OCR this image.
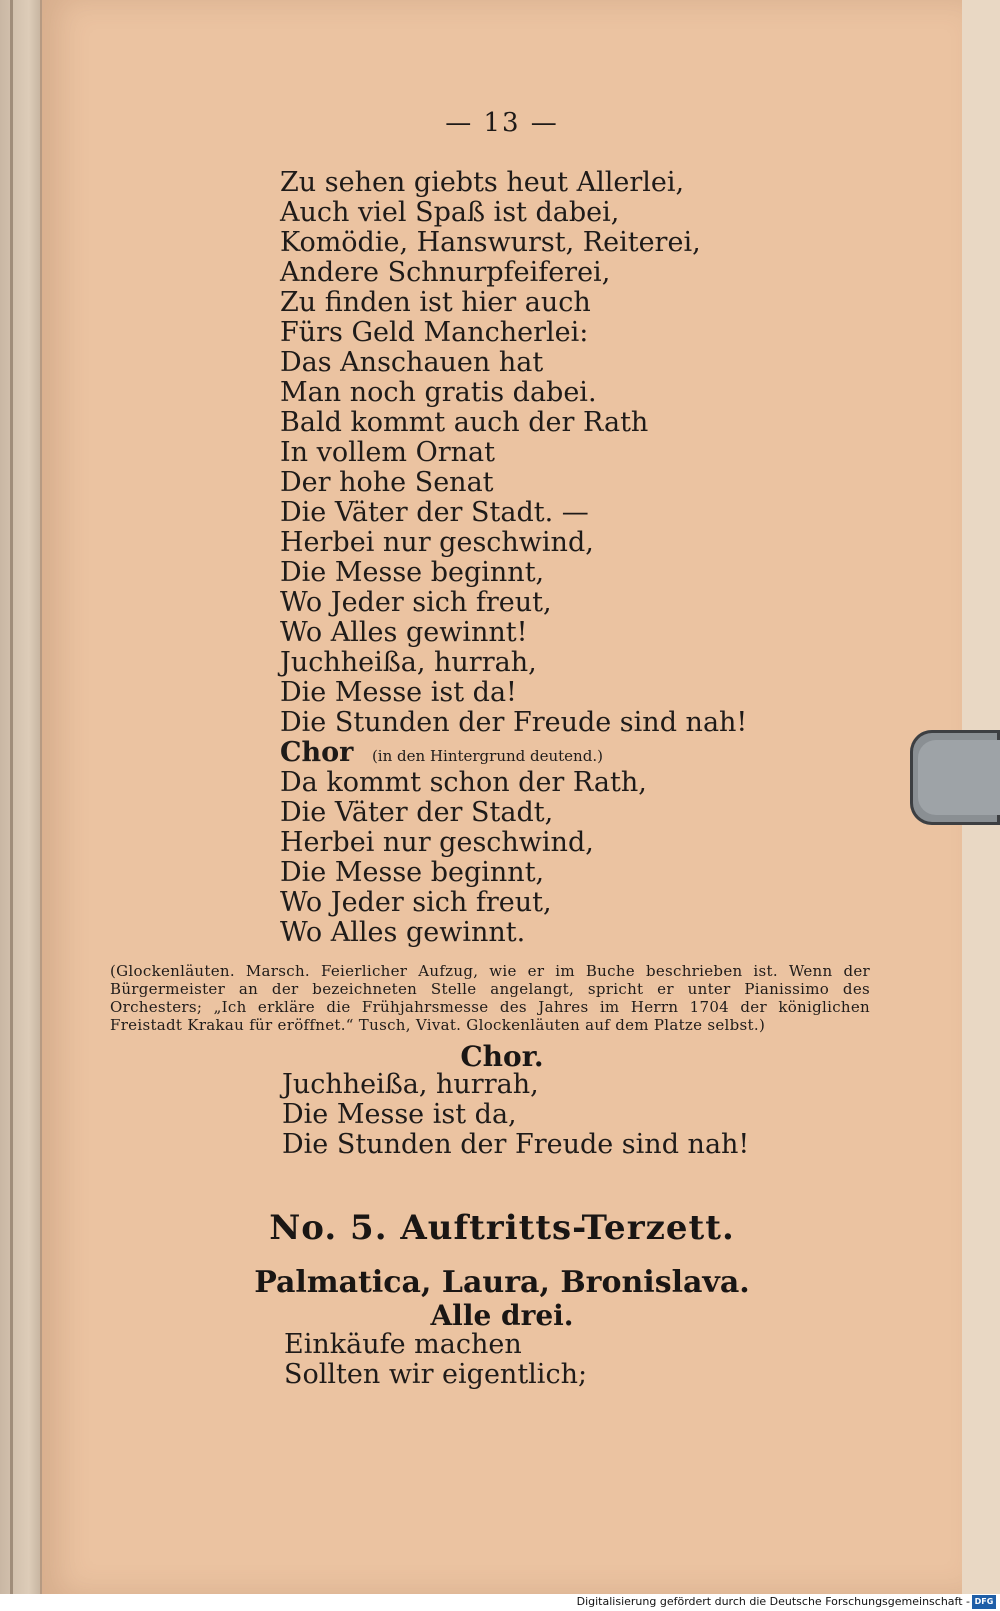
— 13 —
Zu sehen giebts heut Allerlei,
Auch viel Spaß ist dabei,
Komödie, Hanswurst, Reiterei,
Andere Schnurpfeiferei,
Zu finden ist hier auch
Fürs Geld Mancherlei:
Das Anschauen hat
Man noch gratis dabei.
Bald kommt auch der Rath
In vollem Ornat
Der hohe Senat
Die Väter der Stadt. —
Herbei nur geschwind,
Die Messe beginnt,
Wo Jeder sich freut,
Wo Alles gewinnt!
Juchheißa, hurrah,
Die Messe ist da!
Die Stunden der Freude sind nah!
Chor (in den Hintergrund deutend.)
Da kommt schon der Rath,
Die Väter der Stadt,
Herbei nur geschwind,
Die Messe beginnt,
Wo Jeder sich freut,
Wo Alles gewinnt.
(Glockenläuten. Marsch. Feierlicher Aufzug, wie er im Buche beschrieben ist. Wenn der Bürgermeister an der bezeichneten Stelle angelangt, spricht er unter Pianissimo des Orchesters; „Ich erkläre die Frühjahrsmesse des Jahres im Herrn 1704 der königlichen Freistadt Krakau für eröffnet.“ Tusch, Vivat. Glockenläuten auf dem Platze selbst.)
Chor.
Juchheißa, hurrah,
Die Messe ist da,
Die Stunden der Freude sind nah!
No. 5. Auftritts-Terzett.
Palmatica, Laura, Bronislava.
Alle drei.
Einkäufe machen
Sollten wir eigentlich;
Digitalisierung gefördert durch die Deutsche Forschungsgemeinschaft - DFG
